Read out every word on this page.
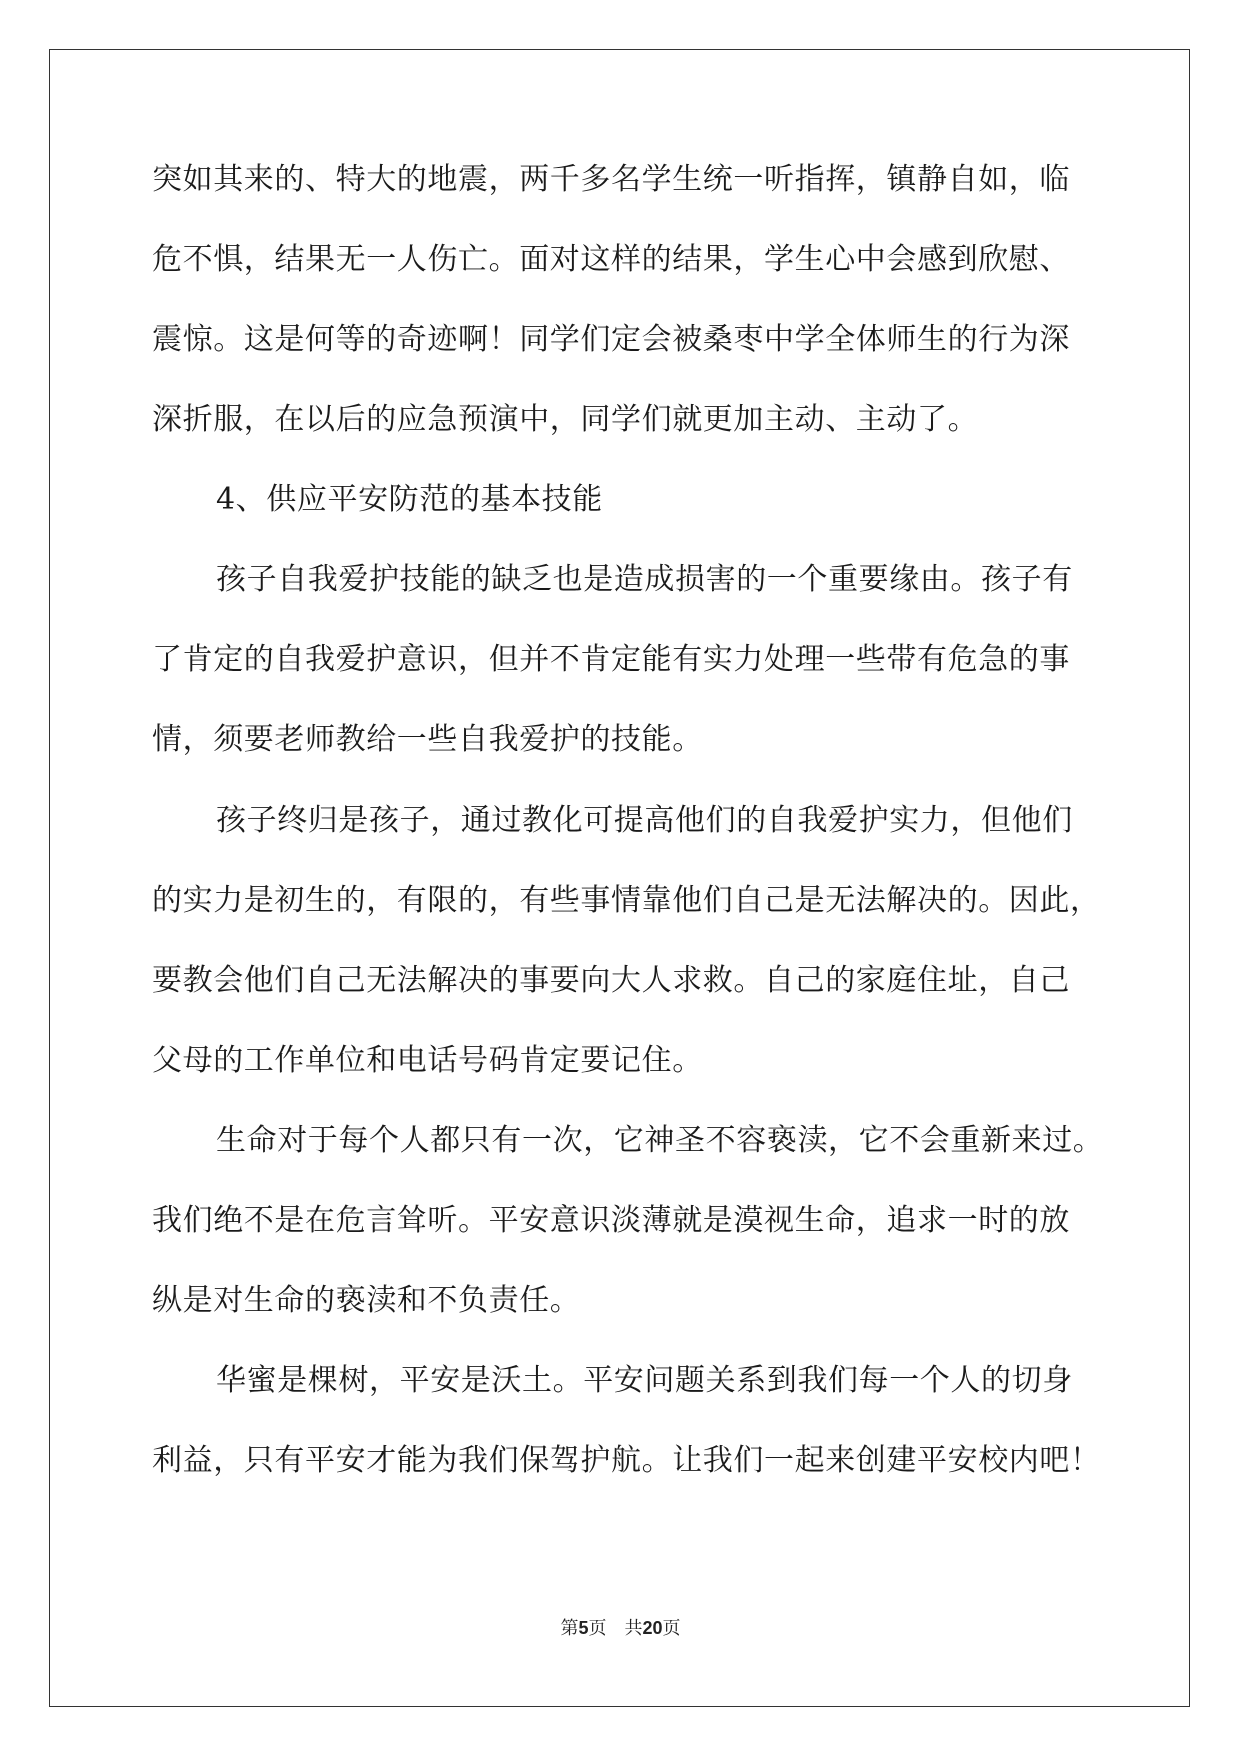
突如其来的、特大的地震，两千多名学生统一听指挥，镇静自如，临
危不惧，结果无一人伤亡。面对这样的结果，学生心中会感到欣慰、
震惊。这是何等的奇迹啊！同学们定会被桑枣中学全体师生的行为深
深折服，在以后的应急预演中，同学们就更加主动、主动了。
4、供应平安防范的基本技能
孩子自我爱护技能的缺乏也是造成损害的一个重要缘由。孩子有
了肯定的自我爱护意识，但并不肯定能有实力处理一些带有危急的事
情，须要老师教给一些自我爱护的技能。
孩子终归是孩子，通过教化可提高他们的自我爱护实力，但他们
的实力是初生的，有限的，有些事情靠他们自己是无法解决的。因此，
要教会他们自己无法解决的事要向大人求救。自己的家庭住址，自己
父母的工作单位和电话号码肯定要记住。
生命对于每个人都只有一次，它神圣不容亵渎，它不会重新来过。
我们绝不是在危言耸听。平安意识淡薄就是漠视生命，追求一时的放
纵是对生命的亵渎和不负责任。
华蜜是棵树，平安是沃土。平安问题关系到我们每一个人的切身
利益，只有平安才能为我们保驾护航。让我们一起来创建平安校内吧！
第5页 共20页
